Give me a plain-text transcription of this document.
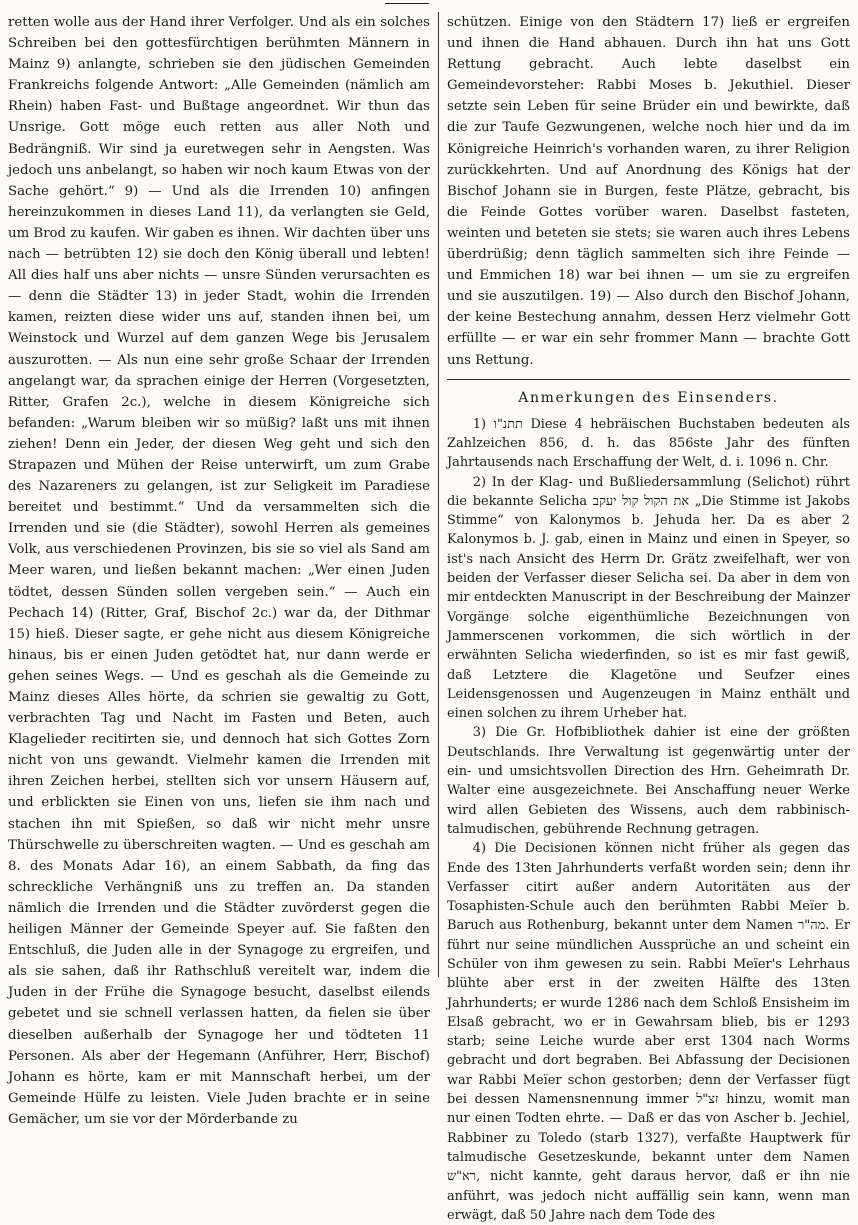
retten wolle aus der Hand ihrer Verfolger. Und als ein solches Schreiben bei den gottesfürchtigen berühmten Männern in Mainz 9) anlangte, schrieben sie den jüdischen Gemeinden Frankreichs folgende Antwort: „Alle Gemeinden (nämlich am Rhein) haben Fast- und Bußtage angeordnet. Wir thun das Unsrige. Gott möge euch retten aus aller Noth und Bedrängniß. Wir sind ja euretwegen sehr in Aengsten. Was jedoch uns anbelangt, so haben wir noch kaum Etwas von der Sache gehört.“ 9) — Und als die Irrenden 10) anfingen hereinzukommen in dieses Land 11), da verlangten sie Geld, um Brod zu kaufen. Wir gaben es ihnen. Wir dachten über uns nach — betrübten 12) sie doch den König überall und lebten! All dies half uns aber nichts — unsre Sünden verursachten es — denn die Städter 13) in jeder Stadt, wohin die Irrenden kamen, reizten diese wider uns auf, standen ihnen bei, um Weinstock und Wurzel auf dem ganzen Wege bis Jerusalem auszurotten. — Als nun eine sehr große Schaar der Irrenden angelangt war, da sprachen einige der Herren (Vorgesetzten, Ritter, Grafen 2c.), welche in diesem Königreiche sich befanden: „Warum bleiben wir so müßig? laßt uns mit ihnen ziehen! Denn ein Jeder, der diesen Weg geht und sich den Strapazen und Mühen der Reise unterwirft, um zum Grabe des Nazareners zu gelangen, ist zur Seligkeit im Paradiese bereitet und bestimmt.“ Und da versammelten sich die Irrenden und sie (die Städter), sowohl Herren als gemeines Volk, aus verschiedenen Provinzen, bis sie so viel als Sand am Meer waren, und ließen bekannt machen: „Wer einen Juden tödtet, dessen Sünden sollen vergeben sein.“ — Auch ein Pechach 14) (Ritter, Graf, Bischof 2c.) war da, der Dithmar 15) hieß. Dieser sagte, er gehe nicht aus diesem Königreiche hinaus, bis er einen Juden getödtet hat, nur dann werde er gehen seines Wegs. — Und es geschah als die Gemeinde zu Mainz dieses Alles hörte, da schrien sie gewaltig zu Gott, verbrachten Tag und Nacht im Fasten und Beten, auch Klagelieder recitirten sie, und dennoch hat sich Gottes Zorn nicht von uns gewandt. Vielmehr kamen die Irrenden mit ihren Zeichen herbei, stellten sich vor unsern Häusern auf, und erblickten sie Einen von uns, liefen sie ihm nach und stachen ihn mit Spießen, so daß wir nicht mehr unsre Thürschwelle zu überschreiten wagten. — Und es geschah am 8. des Monats Adar 16), an einem Sabbath, da fing das schreckliche Verhängniß uns zu treffen an. Da standen nämlich die Irrenden und die Städter zuvörderst gegen die heiligen Männer der Gemeinde Speyer auf. Sie faßten den Entschluß, die Juden alle in der Synagoge zu ergreifen, und als sie sahen, daß ihr Rathschluß vereitelt war, indem die Juden in der Frühe die Synagoge besucht, daselbst eilends gebetet und sie schnell verlassen hatten, da fielen sie über dieselben außerhalb der Synagoge her und tödteten 11 Personen. Als aber der Hegemann (Anführer, Herr, Bischof) Johann es hörte, kam er mit Mannschaft herbei, um der Gemeinde Hülfe zu leisten. Viele Juden brachte er in seine Gemächer, um sie vor der Mörderbande zu

schützen. Einige von den Städtern 17) ließ er ergreifen und ihnen die Hand abhauen. Durch ihn hat uns Gott Rettung gebracht. Auch lebte daselbst ein Gemeindevorsteher: Rabbi Moses b. Jekuthiel. Dieser setzte sein Leben für seine Brüder ein und bewirkte, daß die zur Taufe Gezwungenen, welche noch hier und da im Königreiche Heinrich's vorhanden waren, zu ihrer Religion zurückkehrten. Und auf Anordnung des Königs hat der Bischof Johann sie in Burgen, feste Plätze, gebracht, bis die Feinde Gottes vorüber waren. Daselbst fasteten, weinten und beteten sie stets; sie waren auch ihres Lebens überdrüßig; denn täglich sammelten sich ihre Feinde — und Emmichen 18) war bei ihnen — um sie zu ergreifen und sie auszutilgen. 19) — Also durch den Bischof Johann, der keine Bestechung annahm, dessen Herz vielmehr Gott erfüllte — er war ein sehr frommer Mann — brachte Gott uns Rettung.

Anmerkungen des Einsenders.

1) תתנ"ו Diese 4 hebräischen Buchstaben bedeuten als Zahlzeichen 856, d. h. das 856ste Jahr des fünften Jahrtausends nach Erschaffung der Welt, d. i. 1096 n. Chr.

2) In der Klag- und Bußliedersammlung (Selichot) rührt die bekannte Selicha את הקול קול יעקב „Die Stimme ist Jakobs Stimme“ von Kalonymos b. Jehuda her. Da es aber 2 Kalonymos b. J. gab, einen in Mainz und einen in Speyer, so ist's nach Ansicht des Herrn Dr. Grätz zweifelhaft, wer von beiden der Verfasser dieser Selicha sei. Da aber in dem von mir entdeckten Manuscript in der Beschreibung der Mainzer Vorgänge solche eigenthümliche Bezeichnungen von Jammerscenen vorkommen, die sich wörtlich in der erwähnten Selicha wiederfinden, so ist es mir fast gewiß, daß Letztere die Klagetöne und Seufzer eines Leidensgenossen und Augenzeugen in Mainz enthält und einen solchen zu ihrem Urheber hat.

3) Die Gr. Hofbibliothek dahier ist eine der größten Deutschlands. Ihre Verwaltung ist gegenwärtig unter der ein- und umsichtsvollen Direction des Hrn. Geheimrath Dr. Walter eine ausgezeichnete. Bei Anschaffung neuer Werke wird allen Gebieten des Wissens, auch dem rabbinisch-talmudischen, gebührende Rechnung getragen.

4) Die Decisionen können nicht früher als gegen das Ende des 13ten Jahrhunderts verfaßt worden sein; denn ihr Verfasser citirt außer andern Autoritäten aus der Tosaphisten-Schule auch den berühmten Rabbi Meïer b. Baruch aus Rothenburg, bekannt unter dem Namen מה"ר. Er führt nur seine mündlichen Aussprüche an und scheint ein Schüler von ihm gewesen zu sein. Rabbi Meïer's Lehrhaus blühte aber erst in der zweiten Hälfte des 13ten Jahrhunderts; er wurde 1286 nach dem Schloß Ensisheim im Elsaß gebracht, wo er in Gewahrsam blieb, bis er 1293 starb; seine Leiche wurde aber erst 1304 nach Worms gebracht und dort begraben. Bei Abfassung der Decisionen war Rabbi Meïer schon gestorben; denn der Verfasser fügt bei dessen Namensnennung immer זצ"ל hinzu, womit man nur einen Todten ehrte. — Daß er das von Ascher b. Jechiel, Rabbiner zu Toledo (starb 1327), verfaßte Hauptwerk für talmudische Gesetzeskunde, bekannt unter dem Namen רא"ש, nicht kannte, geht daraus hervor, daß er ihn nie anführt, was jedoch nicht auffällig sein kann, wenn man erwägt, daß 50 Jahre nach dem Tode des
